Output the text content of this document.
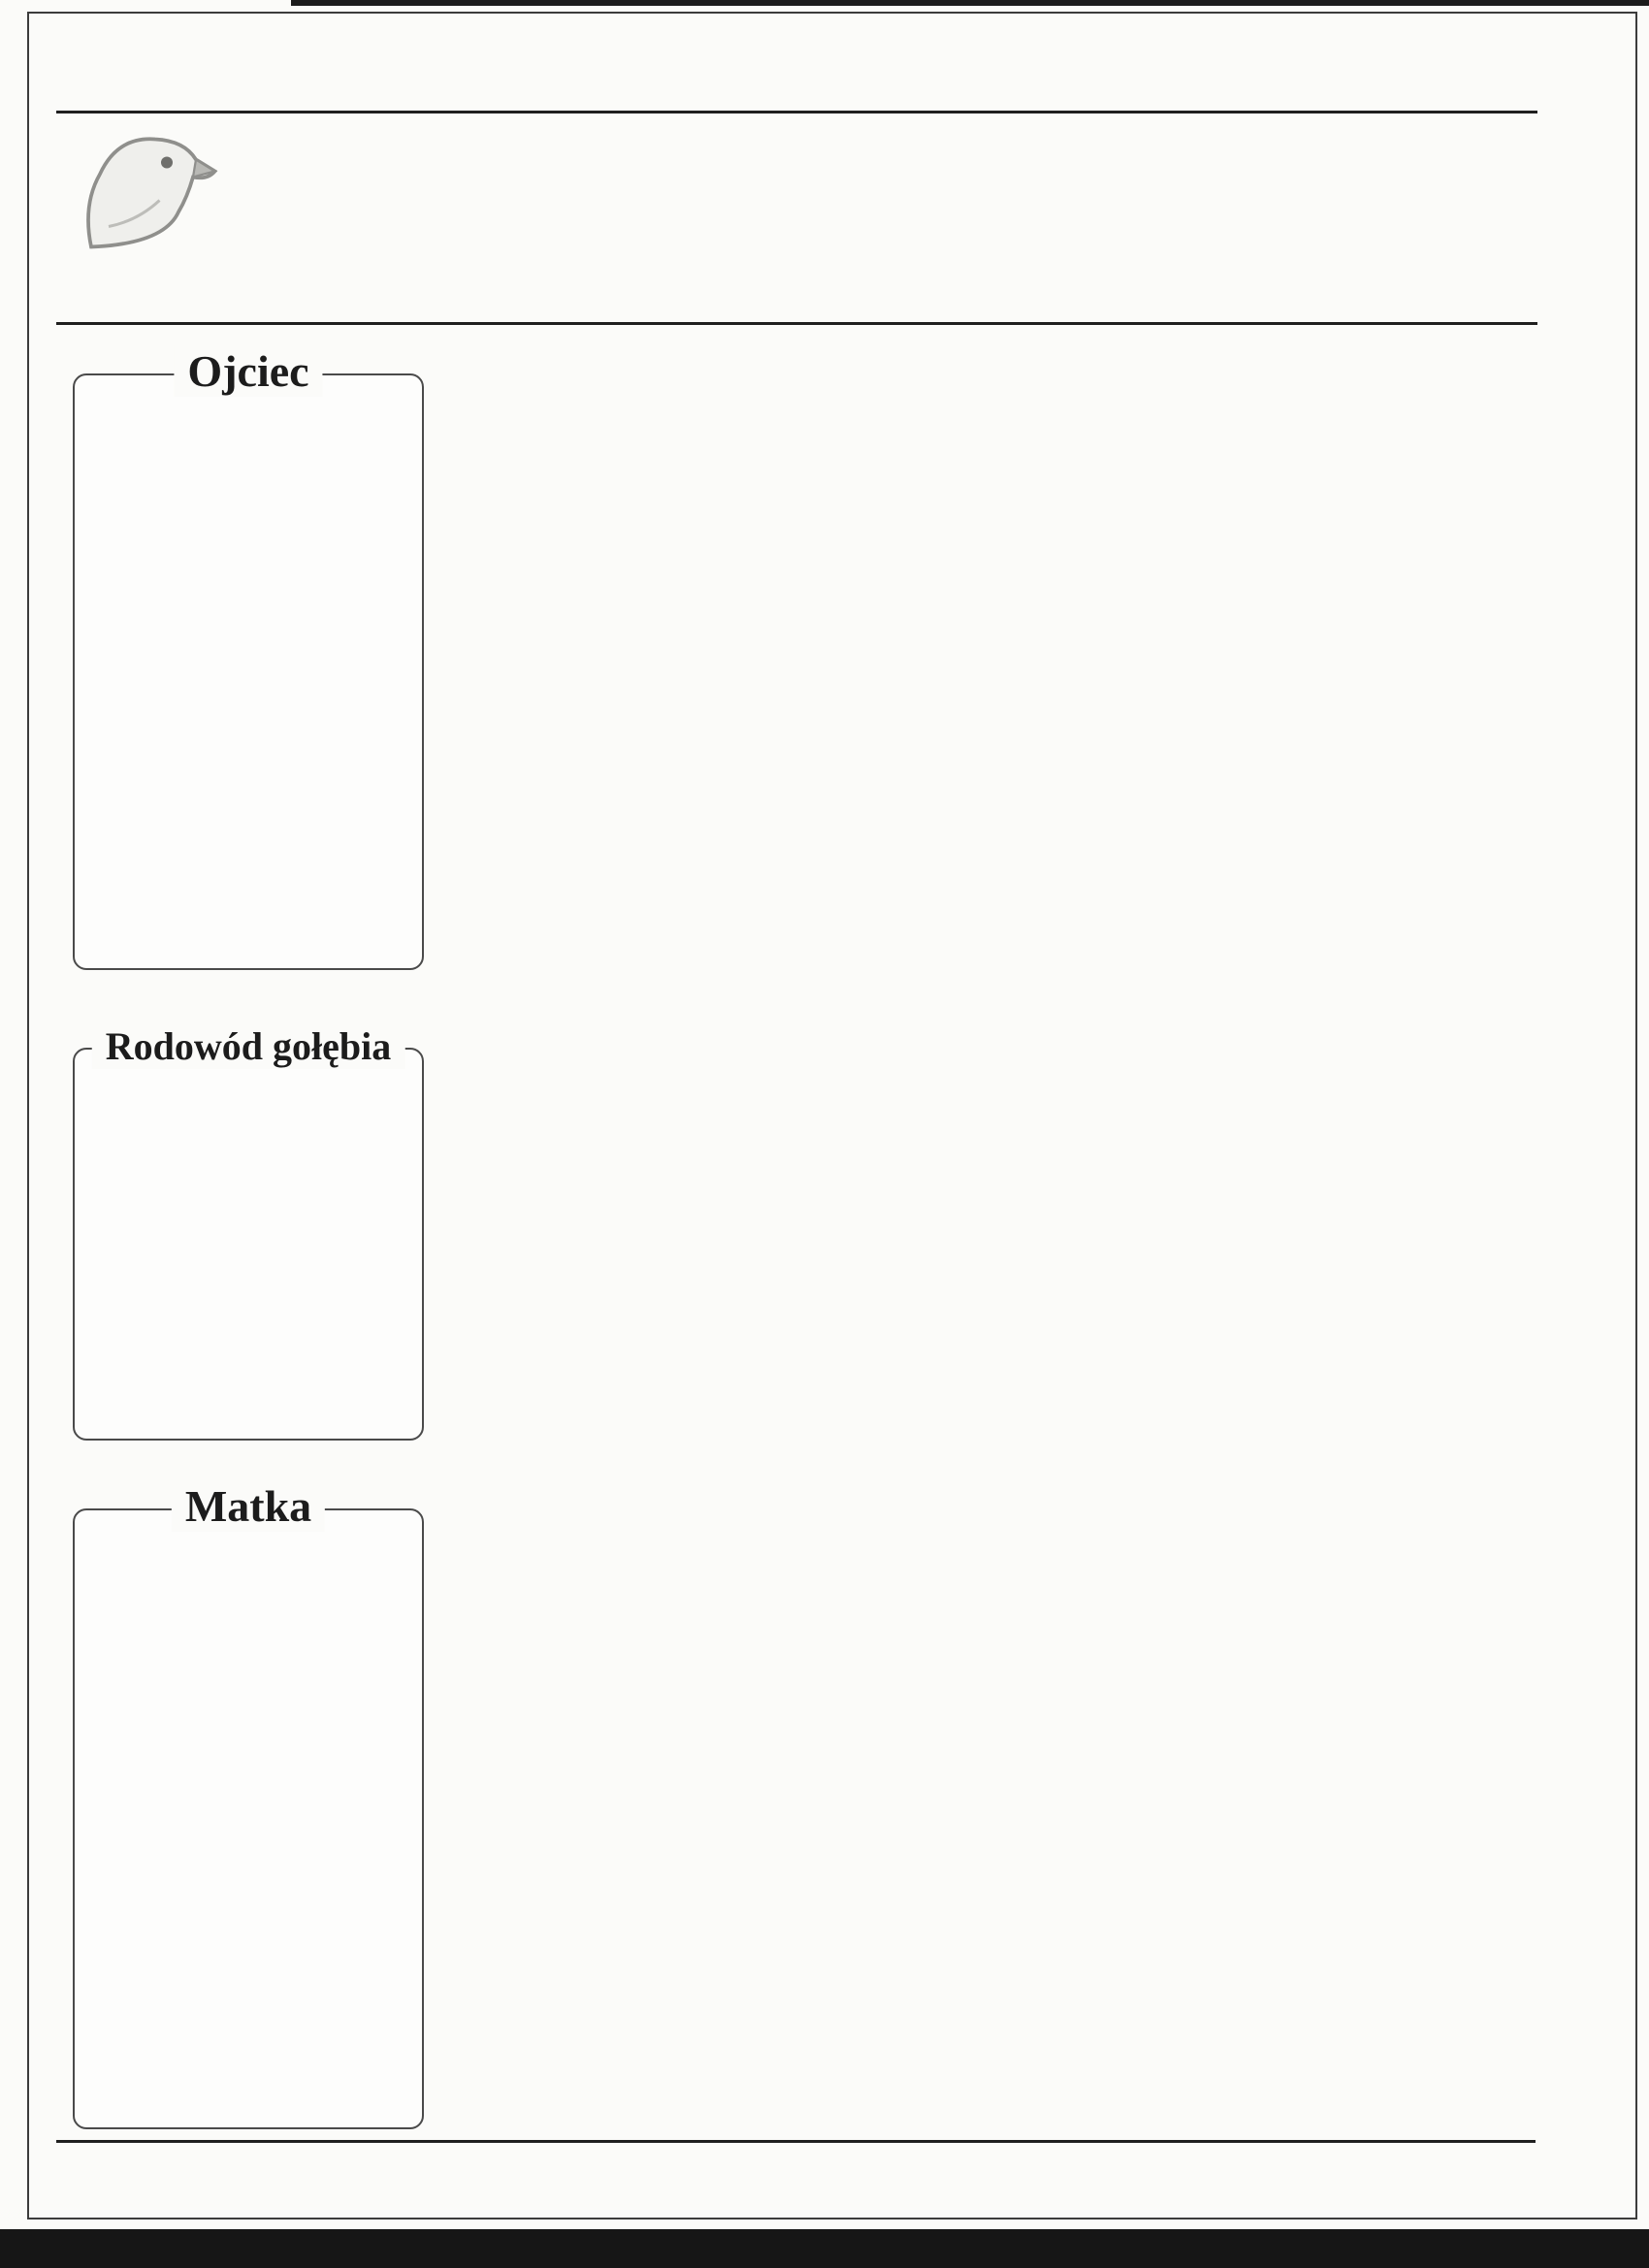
Ojciec
Rodowód gołębia
Matka
